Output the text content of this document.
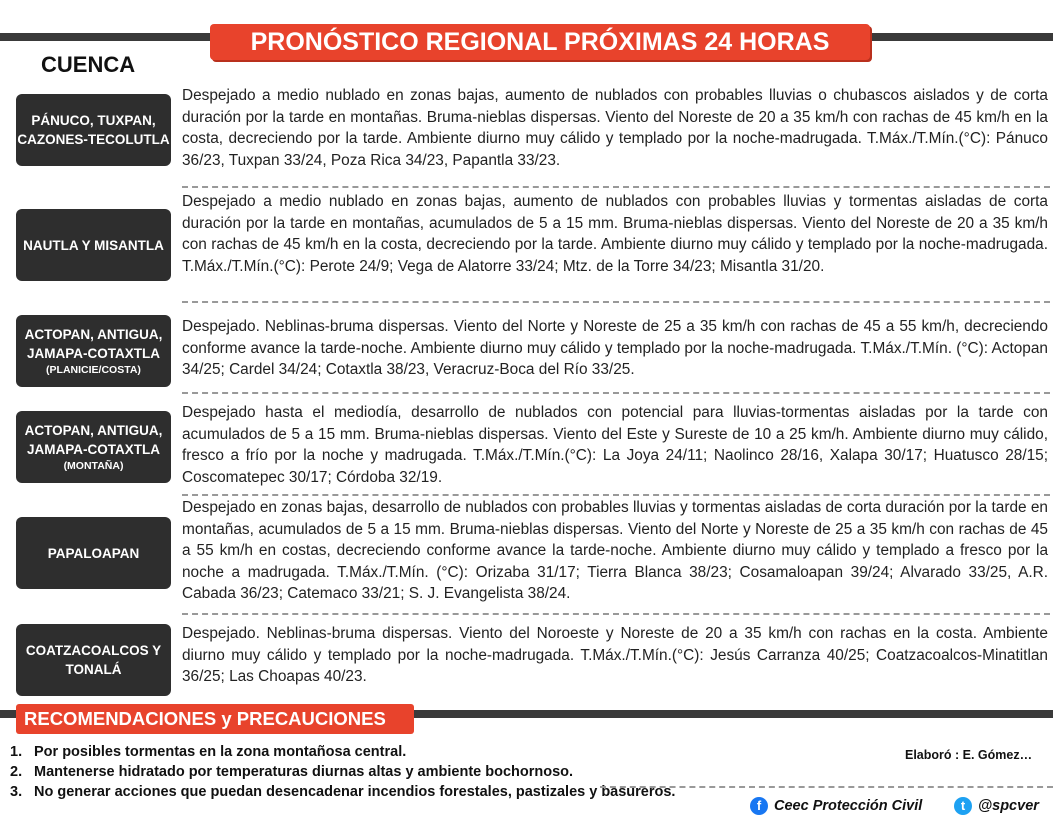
PRONÓSTICO REGIONAL PRÓXIMAS 24 HORAS
CUENCA
PÁNUCO, TUXPAN, CAZONES-TECOLUTLA
Despejado a medio nublado en zonas bajas, aumento de nublados con probables lluvias o chubascos aislados y de corta duración por la tarde en montañas. Bruma-nieblas dispersas. Viento del Noreste de 20 a 35 km/h con rachas de 45 km/h en la costa, decreciendo por la tarde. Ambiente diurno muy cálido y templado por la noche-madrugada. T.Máx./T.Mín.(°C): Pánuco 36/23, Tuxpan 33/24, Poza Rica 34/23, Papantla 33/23.
NAUTLA Y MISANTLA
Despejado a medio nublado en zonas bajas, aumento de nublados con probables lluvias y tormentas aisladas de corta duración por la tarde en montañas, acumulados de 5 a 15 mm. Bruma-nieblas dispersas. Viento del Noreste de 20 a 35 km/h con rachas de 45 km/h en la costa, decreciendo por la tarde. Ambiente diurno muy cálido y templado por la noche-madrugada. T.Máx./T.Mín.(°C): Perote 24/9; Vega de Alatorre 33/24; Mtz. de la Torre 34/23; Misantla 31/20.
ACTOPAN, ANTIGUA, JAMAPA-COTAXTLA
(PLANICIE/COSTA)
Despejado. Neblinas-bruma dispersas. Viento del Norte y Noreste de 25 a 35 km/h con rachas de 45 a 55 km/h, decreciendo conforme avance la tarde-noche. Ambiente diurno muy cálido y templado por la noche-madrugada. T.Máx./T.Mín. (°C): Actopan 34/25; Cardel 34/24; Cotaxtla 38/23, Veracruz-Boca del Río 33/25.
ACTOPAN, ANTIGUA, JAMAPA-COTAXTLA
(MONTAÑA)
Despejado hasta el mediodía, desarrollo de nublados con potencial para lluvias-tormentas aisladas por la tarde con acumulados de 5 a 15 mm. Bruma-nieblas dispersas. Viento del Este y Sureste de 10 a 25 km/h. Ambiente diurno muy cálido, fresco a frío por la noche y madrugada. T.Máx./T.Mín.(°C): La Joya 24/11; Naolinco 28/16, Xalapa 30/17; Huatusco 28/15; Coscomatepec 30/17; Córdoba 32/19.
PAPALOAPAN
Despejado en zonas bajas, desarrollo de nublados con probables lluvias y tormentas aisladas de corta duración por la tarde en montañas, acumulados de 5 a 15 mm. Bruma-nieblas dispersas. Viento del Norte y Noreste de 25 a 35 km/h con rachas de 45 a 55 km/h en costas, decreciendo conforme avance la tarde-noche. Ambiente diurno muy cálido y templado a fresco por la noche a madrugada. T.Máx./T.Mín. (°C): Orizaba 31/17; Tierra Blanca 38/23; Cosamaloapan 39/24; Alvarado 33/25, A.R. Cabada 36/23; Catemaco 33/21; S. J. Evangelista 38/24.
COATZACOALCOS Y TONALÁ
Despejado. Neblinas-bruma dispersas. Viento del Noroeste y Noreste de 20 a 35 km/h con rachas en la costa. Ambiente diurno muy cálido y templado por la noche-madrugada. T.Máx./T.Mín.(°C): Jesús Carranza 40/25; Coatzacoalcos-Minatitlan 36/25; Las Choapas 40/23.
RECOMENDACIONES y PRECAUCIONES
1. Por posibles tormentas en la zona montañosa central.
2. Mantenerse hidratado por temperaturas diurnas altas y ambiente bochornoso.
3. No generar acciones que puedan desencadenar incendios forestales, pastizales y basureros.
Elaboró : E. Gómez…
f Ceec Protección Civil	t @spcver
